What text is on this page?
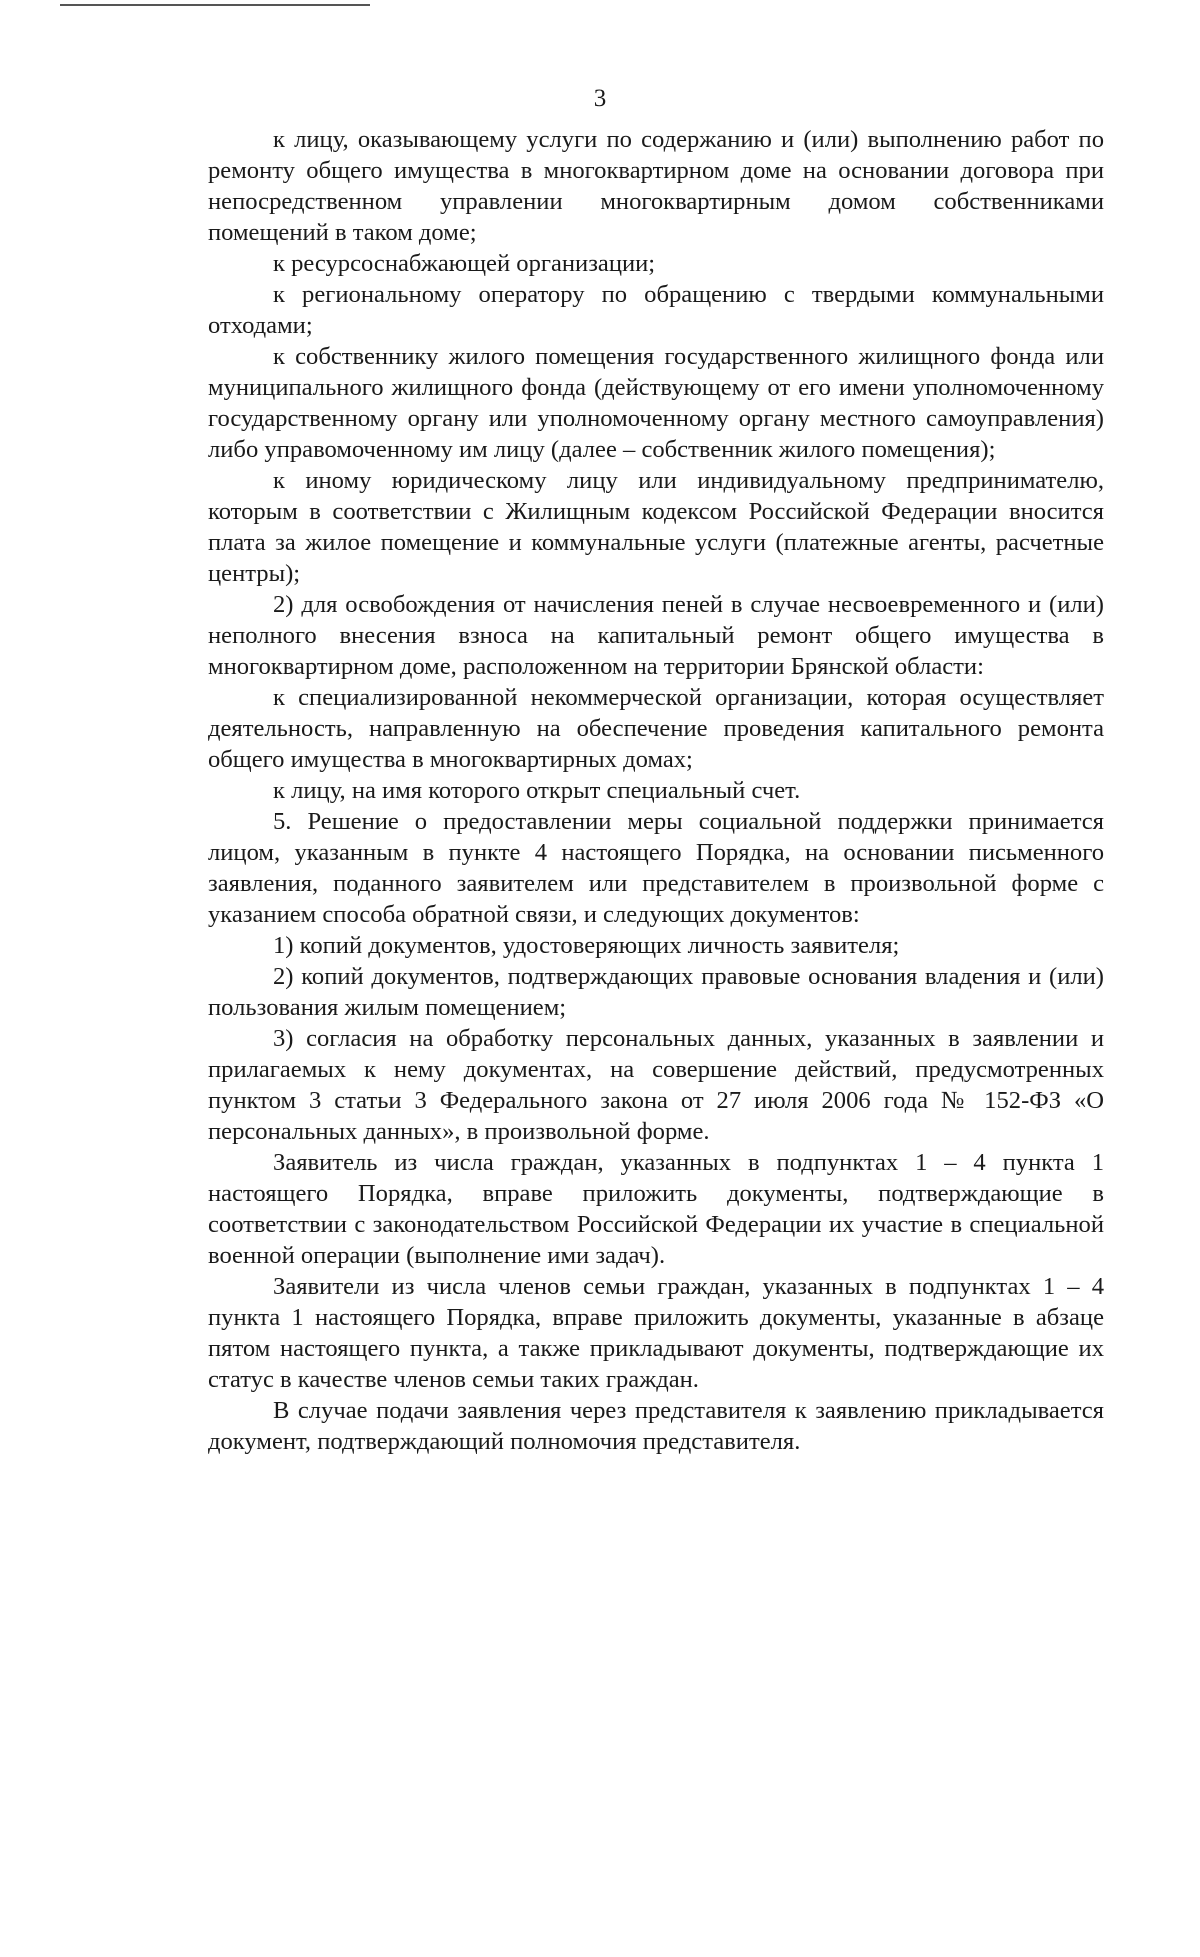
3

к лицу, оказывающему услуги по содержанию и (или) выполнению работ по ремонту общего имущества в многоквартирном доме на основании договора при непосредственном управлении многоквартирным домом собственниками помещений в таком доме;

к ресурсоснабжающей организации;

к региональному оператору по обращению с твердыми коммунальными отходами;

к собственнику жилого помещения государственного жилищного фонда или муниципального жилищного фонда (действующему от его имени уполномоченному государственному органу или уполномоченному органу местного самоуправления) либо управомоченному им лицу (далее – собственник жилого помещения);

к иному юридическому лицу или индивидуальному предпринимателю, которым в соответствии с Жилищным кодексом Российской Федерации вносится плата за жилое помещение и коммунальные услуги (платежные агенты, расчетные центры);

2) для освобождения от начисления пеней в случае несвоевременного и (или) неполного внесения взноса на капитальный ремонт общего имущества в многоквартирном доме, расположенном на территории Брянской области:

к специализированной некоммерческой организации, которая осуществляет деятельность, направленную на обеспечение проведения капитального ремонта общего имущества в многоквартирных домах;

к лицу, на имя которого открыт специальный счет.

5. Решение о предоставлении меры социальной поддержки принимается лицом, указанным в пункте 4 настоящего Порядка, на основании письменного заявления, поданного заявителем или представителем в произвольной форме с указанием способа обратной связи, и следующих документов:

1) копий документов, удостоверяющих личность заявителя;

2) копий документов, подтверждающих правовые основания владения и (или) пользования жилым помещением;

3) согласия на обработку персональных данных, указанных в заявлении и прилагаемых к нему документах, на совершение действий, предусмотренных пунктом 3 статьи 3 Федерального закона от 27 июля 2006 года № 152-ФЗ «О персональных данных», в произвольной форме.

Заявитель из числа граждан, указанных в подпунктах 1 – 4 пункта 1 настоящего Порядка, вправе приложить документы, подтверждающие в соответствии с законодательством Российской Федерации их участие в специальной военной операции (выполнение ими задач).

Заявители из числа членов семьи граждан, указанных в подпунктах 1 – 4 пункта 1 настоящего Порядка, вправе приложить документы, указанные в абзаце пятом настоящего пункта, а также прикладывают документы, подтверждающие их статус в качестве членов семьи таких граждан.

В случае подачи заявления через представителя к заявлению прикладывается документ, подтверждающий полномочия представителя.
